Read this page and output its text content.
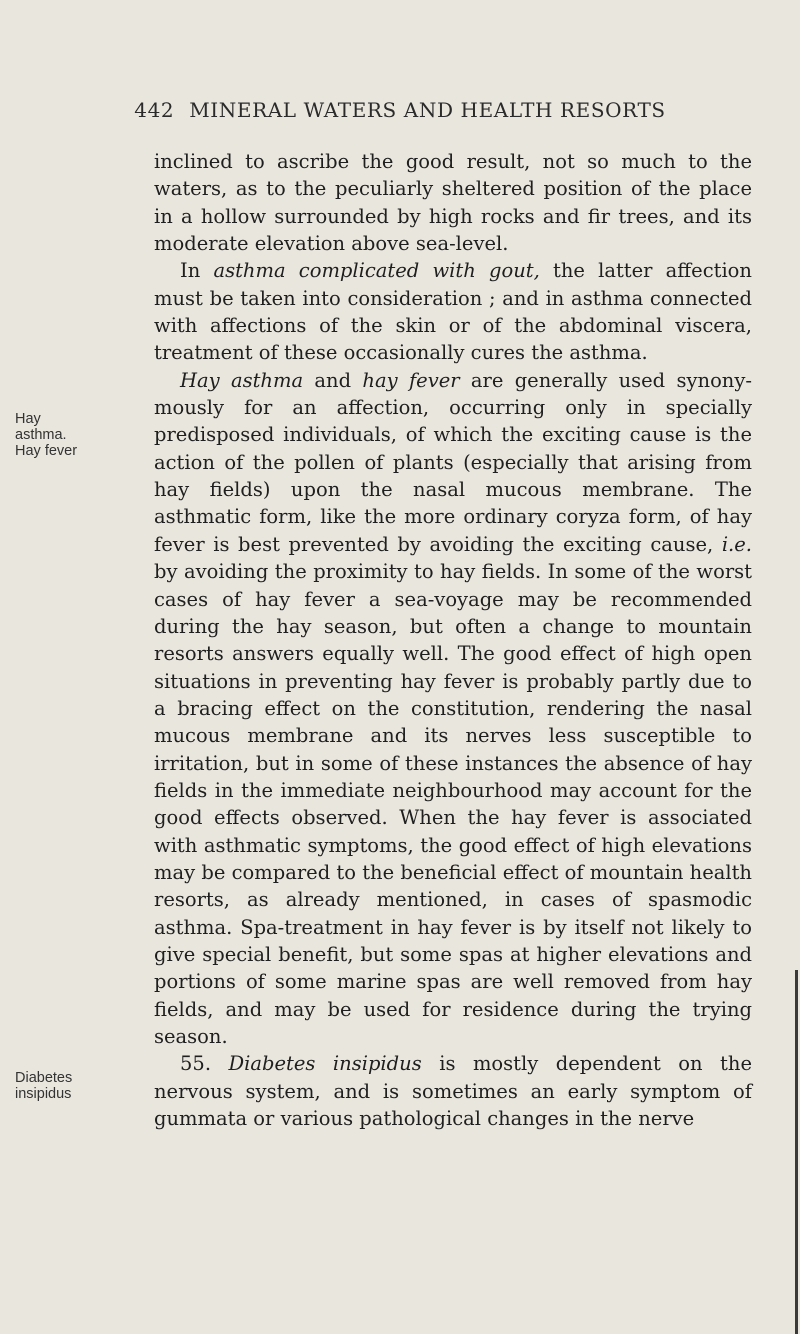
442 MINERAL WATERS AND HEALTH RESORTS
Hay
asthma.
Hay fever
Diabetes
insipidus

inclined to ascribe the good result, not so much to the waters, as to the peculiarly sheltered position of the place in a hollow surrounded by high rocks and fir trees, and its moderate elevation above sea-level.

In asthma complicated with gout, the latter affection must be taken into consideration ; and in asthma connected with affections of the skin or of the abdominal viscera, treatment of these occasionally cures the asthma.

Hay asthma and hay fever are generally used synonymously for an affection, occurring only in specially predisposed individuals, of which the exciting cause is the action of the pollen of plants (especially that arising from hay fields) upon the nasal mucous membrane. The asthmatic form, like the more ordinary coryza form, of hay fever is best prevented by avoiding the exciting cause, i.e. by avoiding the proximity to hay fields. In some of the worst cases of hay fever a sea-voyage may be recommended during the hay season, but often a change to mountain resorts answers equally well. The good effect of high open situations in preventing hay fever is probably partly due to a bracing effect on the constitution, rendering the nasal mucous membrane and its nerves less susceptible to irritation, but in some of these instances the absence of hay fields in the immediate neighbourhood may account for the good effects observed. When the hay fever is associated with asthmatic symptoms, the good effect of high elevations may be compared to the beneficial effect of mountain health resorts, as already mentioned, in cases of spasmodic asthma. Spa-treatment in hay fever is by itself not likely to give special benefit, but some spas at higher elevations and portions of some marine spas are well removed from hay fields, and may be used for residence during the trying season.

55. Diabetes insipidus is mostly dependent on the nervous system, and is sometimes an early symptom of gummata or various pathological changes in the nerve
